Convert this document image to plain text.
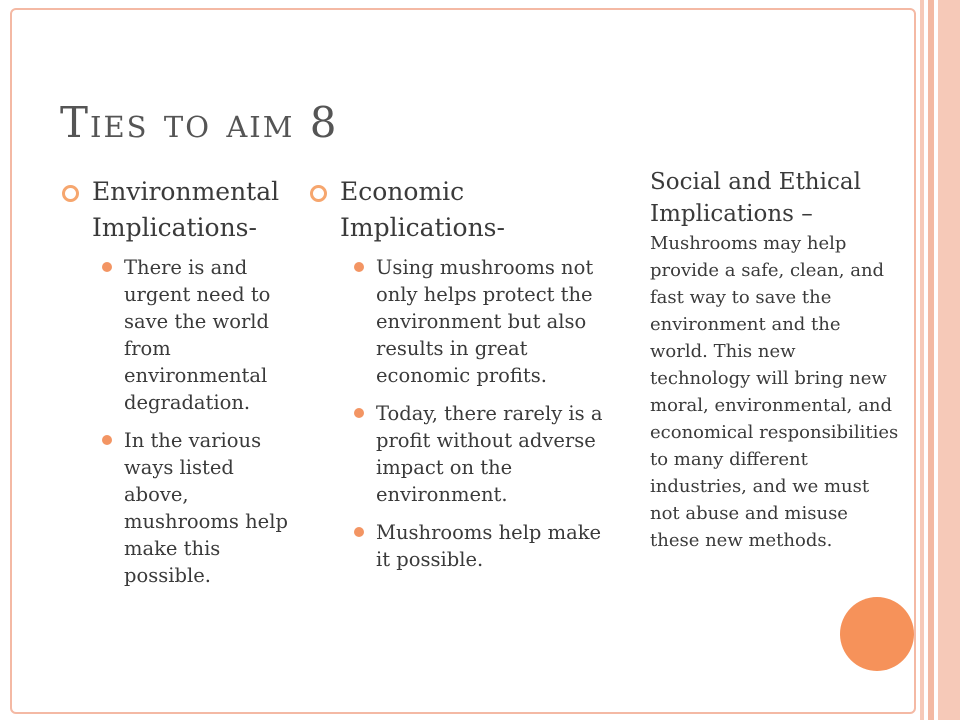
Ties to aim 8
Environmental Implications-
There is and urgent need to save the world from environmental degradation.
In the various ways listed above, mushrooms help make this possible.
Economic Implications-
Using mushrooms not only helps protect the environment but also results in great economic profits.
Today, there rarely is a profit without adverse impact on the environment.
Mushrooms help make it possible.
Social and Ethical Implications – Mushrooms may help provide a safe, clean, and fast way to save the environment and the world. This new technology will bring new moral, environmental, and economical responsibilities to many different industries, and we must not abuse and misuse these new methods.
